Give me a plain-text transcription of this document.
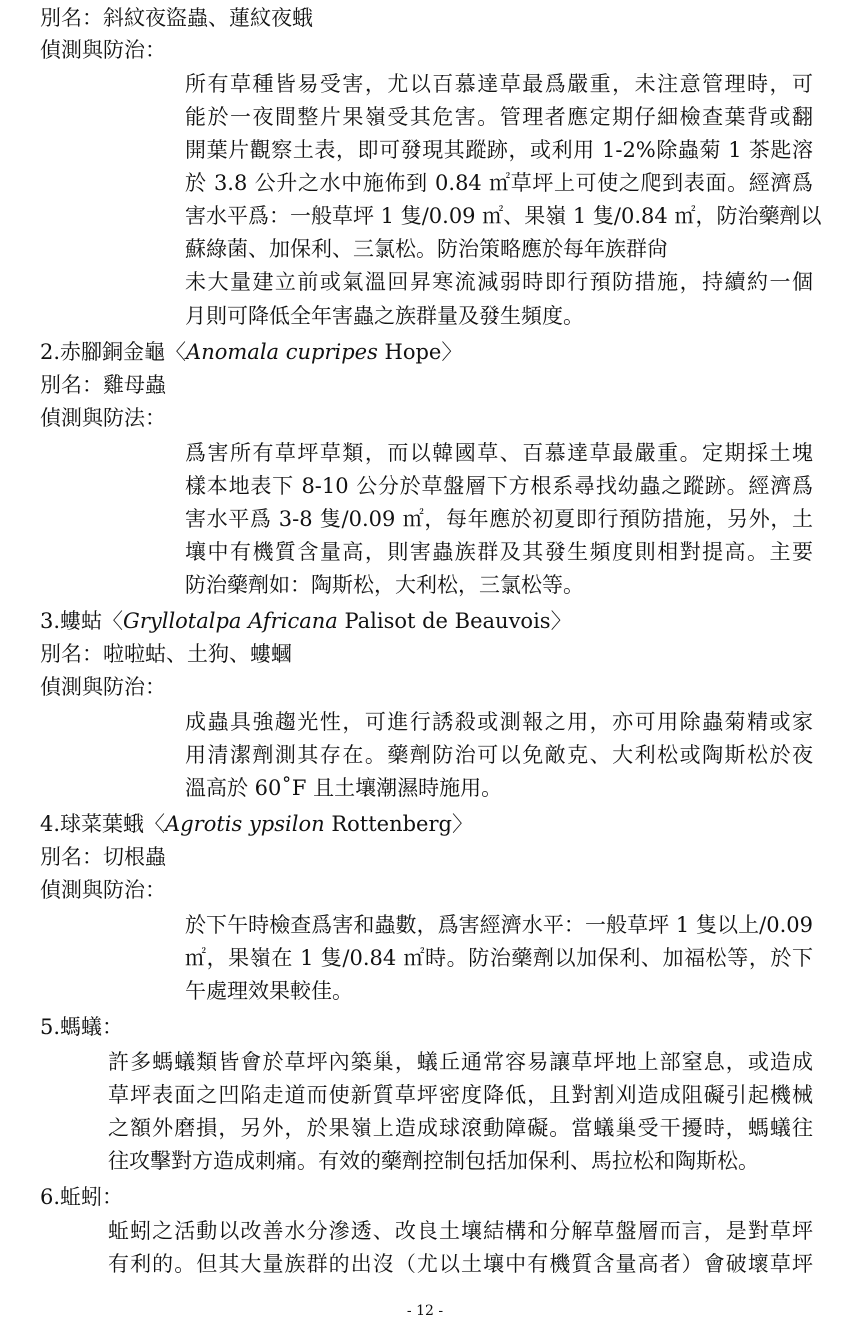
別名：斜紋夜盜蟲、蓮紋夜蛾
偵測與防治：
所有草種皆易受害，尤以百慕達草最爲嚴重，未注意管理時，可
能於一夜間整片果嶺受其危害。管理者應定期仔細檢查葉背或翻
開葉片觀察土表，即可發現其蹤跡，或利用 1-2%除蟲菊 1 茶匙溶
於 3.8 公升之水中施佈到 0.84 ㎡草坪上可使之爬到表面。經濟爲
害水平爲：一般草坪 1 隻/0.09 ㎡、果嶺 1 隻/0.84 ㎡，防治藥劑以
蘇綠菌、加保利、三氯松。防治策略應於每年族群尙
未大量建立前或氣溫回昇寒流減弱時即行預防措施，持續約一個
月則可降低全年害蟲之族群量及發生頻度。
2.赤腳銅金龜〈Anomala cupripes Hope〉
別名：雞母蟲
偵測與防法：
爲害所有草坪草類，而以韓國草、百慕達草最嚴重。定期採土塊
樣本地表下 8-10 公分於草盤層下方根系尋找幼蟲之蹤跡。經濟爲
害水平爲 3-8 隻/0.09 ㎡，每年應於初夏即行預防措施，另外，土
壤中有機質含量高，則害蟲族群及其發生頻度則相對提高。主要
防治藥劑如：陶斯松，大利松，三氯松等。
3.螻蛄〈Gryllotalpa Africana Palisot de Beauvois〉
別名：啦啦蛄、土狗、螻蟈
偵測與防治：
成蟲具強趨光性，可進行誘殺或測報之用，亦可用除蟲菊精或家
用清潔劑測其存在。藥劑防治可以免敵克、大利松或陶斯松於夜
溫高於 60˚F 且土壤潮濕時施用。
4.球菜葉蛾〈Agrotis ypsilon Rottenberg〉
別名：切根蟲
偵測與防治：
於下午時檢查爲害和蟲數，爲害經濟水平：一般草坪 1 隻以上/0.09
㎡，果嶺在 1 隻/0.84 ㎡時。防治藥劑以加保利、加福松等，於下
午處理效果較佳。
5.螞蟻：
許多螞蟻類皆會於草坪內築巢，蟻丘通常容易讓草坪地上部窒息，或造成
草坪表面之凹陷走道而使新質草坪密度降低，且對割刈造成阻礙引起機械
之額外磨損，另外，於果嶺上造成球滾動障礙。當蟻巢受干擾時，螞蟻往
往攻擊對方造成刺痛。有效的藥劑控制包括加保利、馬拉松和陶斯松。
6.蚯蚓：
蚯蚓之活動以改善水分滲透、改良土壤結構和分解草盤層而言，是對草坪
有利的。但其大量族群的出沒（尤以土壤中有機質含量高者）會破壞草坪
- 12 -
